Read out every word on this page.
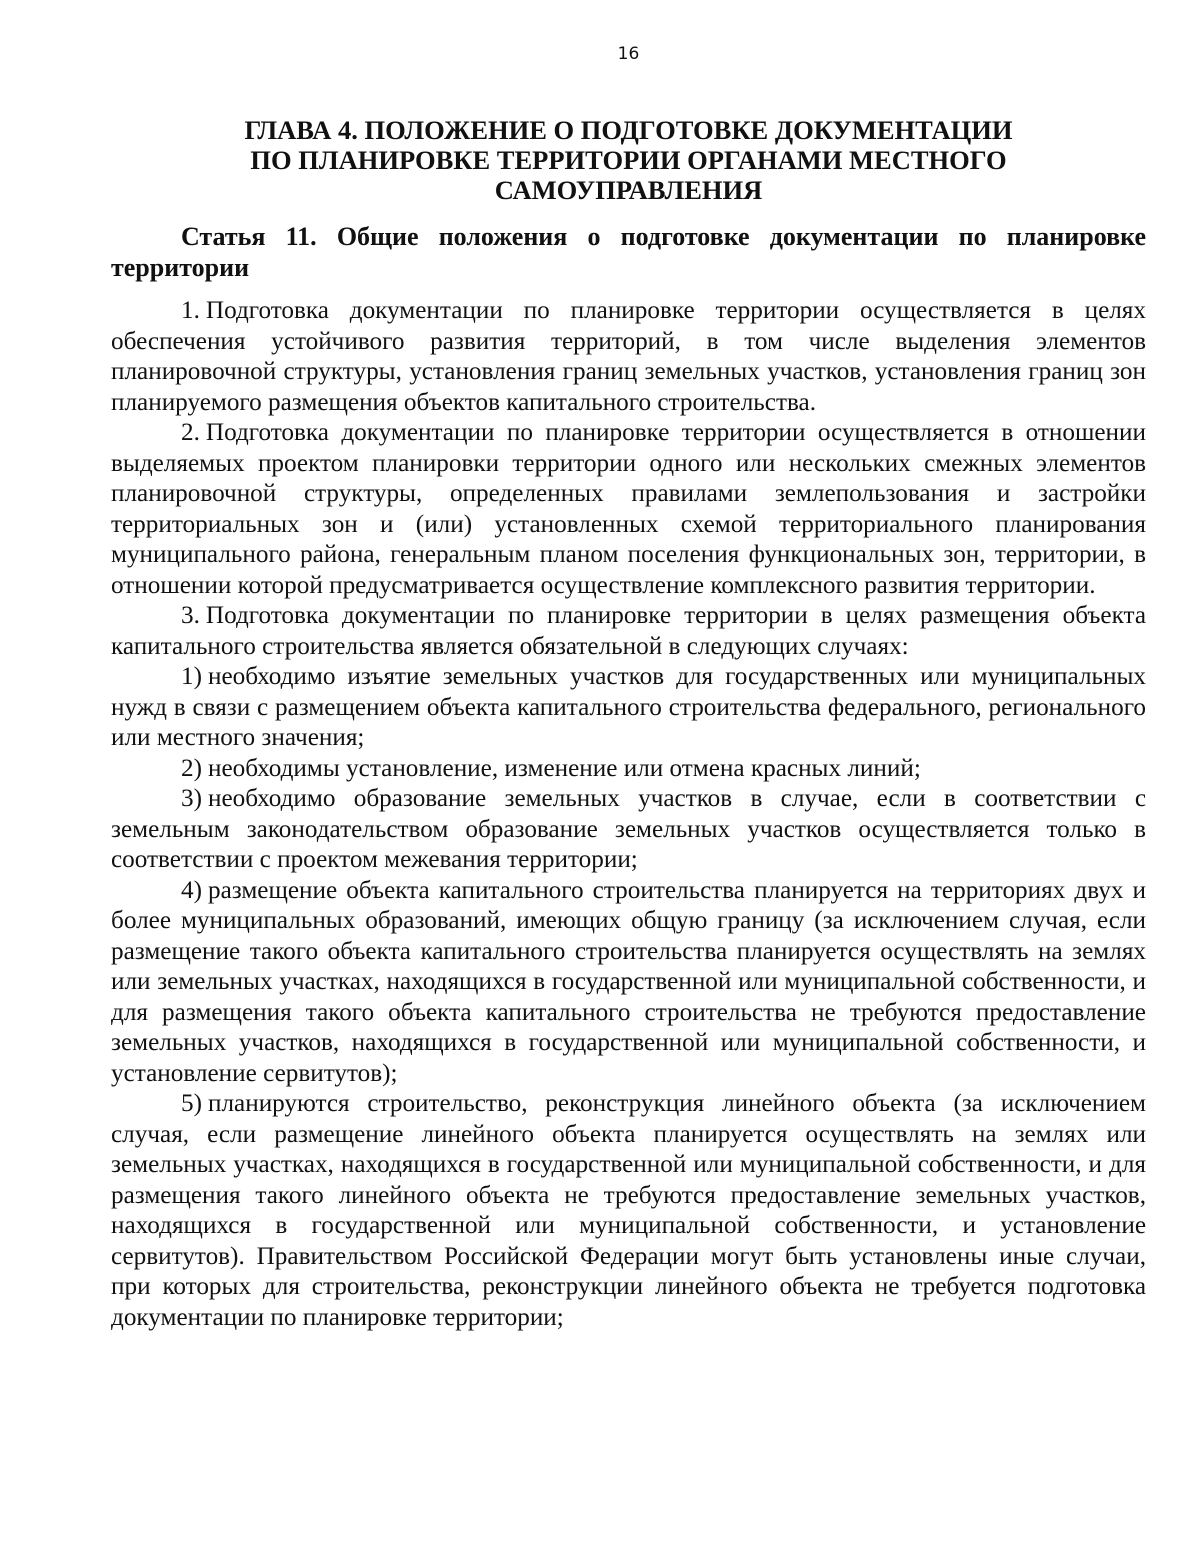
16
ГЛАВА 4. ПОЛОЖЕНИЕ О ПОДГОТОВКЕ ДОКУМЕНТАЦИИ
ПО ПЛАНИРОВКЕ ТЕРРИТОРИИ ОРГАНАМИ МЕСТНОГО
САМОУПРАВЛЕНИЯ
Статья 11. Общие положения о подготовке документации по планировке территории

1. Подготовка документации по планировке территории осуществляется в целях обеспечения устойчивого развития территорий, в том числе выделения элементов планировочной структуры, установления границ земельных участков, установления границ зон планируемого размещения объектов капитального строительства.

2. Подготовка документации по планировке территории осуществляется в отношении выделяемых проектом планировки территории одного или нескольких смежных элементов планировочной структуры, определенных правилами землепользования и застройки территориальных зон и (или) установленных схемой территориального планирования муниципального района, генеральным планом поселения функциональных зон, территории, в отношении которой предусматривается осуществление комплексного развития территории.

3. Подготовка документации по планировке территории в целях размещения объекта капитального строительства является обязательной в следующих случаях:

1) необходимо изъятие земельных участков для государственных или муниципальных нужд в связи с размещением объекта капитального строительства федерального, регионального или местного значения;

2) необходимы установление, изменение или отмена красных линий;

3) необходимо образование земельных участков в случае, если в соответствии с земельным законодательством образование земельных участков осуществляется только в соответствии с проектом межевания территории;

4) размещение объекта капитального строительства планируется на территориях двух и более муниципальных образований, имеющих общую границу (за исключением случая, если размещение такого объекта капитального строительства планируется осуществлять на землях или земельных участках, находящихся в государственной или муниципальной собственности, и для размещения такого объекта капитального строительства не требуются предоставление земельных участков, находящихся в государственной или муниципальной собственности, и установление сервитутов);

5) планируются строительство, реконструкция линейного объекта (за исключением случая, если размещение линейного объекта планируется осуществлять на землях или земельных участках, находящихся в государственной или муниципальной собственности, и для размещения такого линейного объекта не требуются предоставление земельных участков, находящихся в государственной или муниципальной собственности, и установление сервитутов). Правительством Российской Федерации могут быть установлены иные случаи, при которых для строительства, реконструкции линейного объекта не требуется подготовка документации по планировке территории;
